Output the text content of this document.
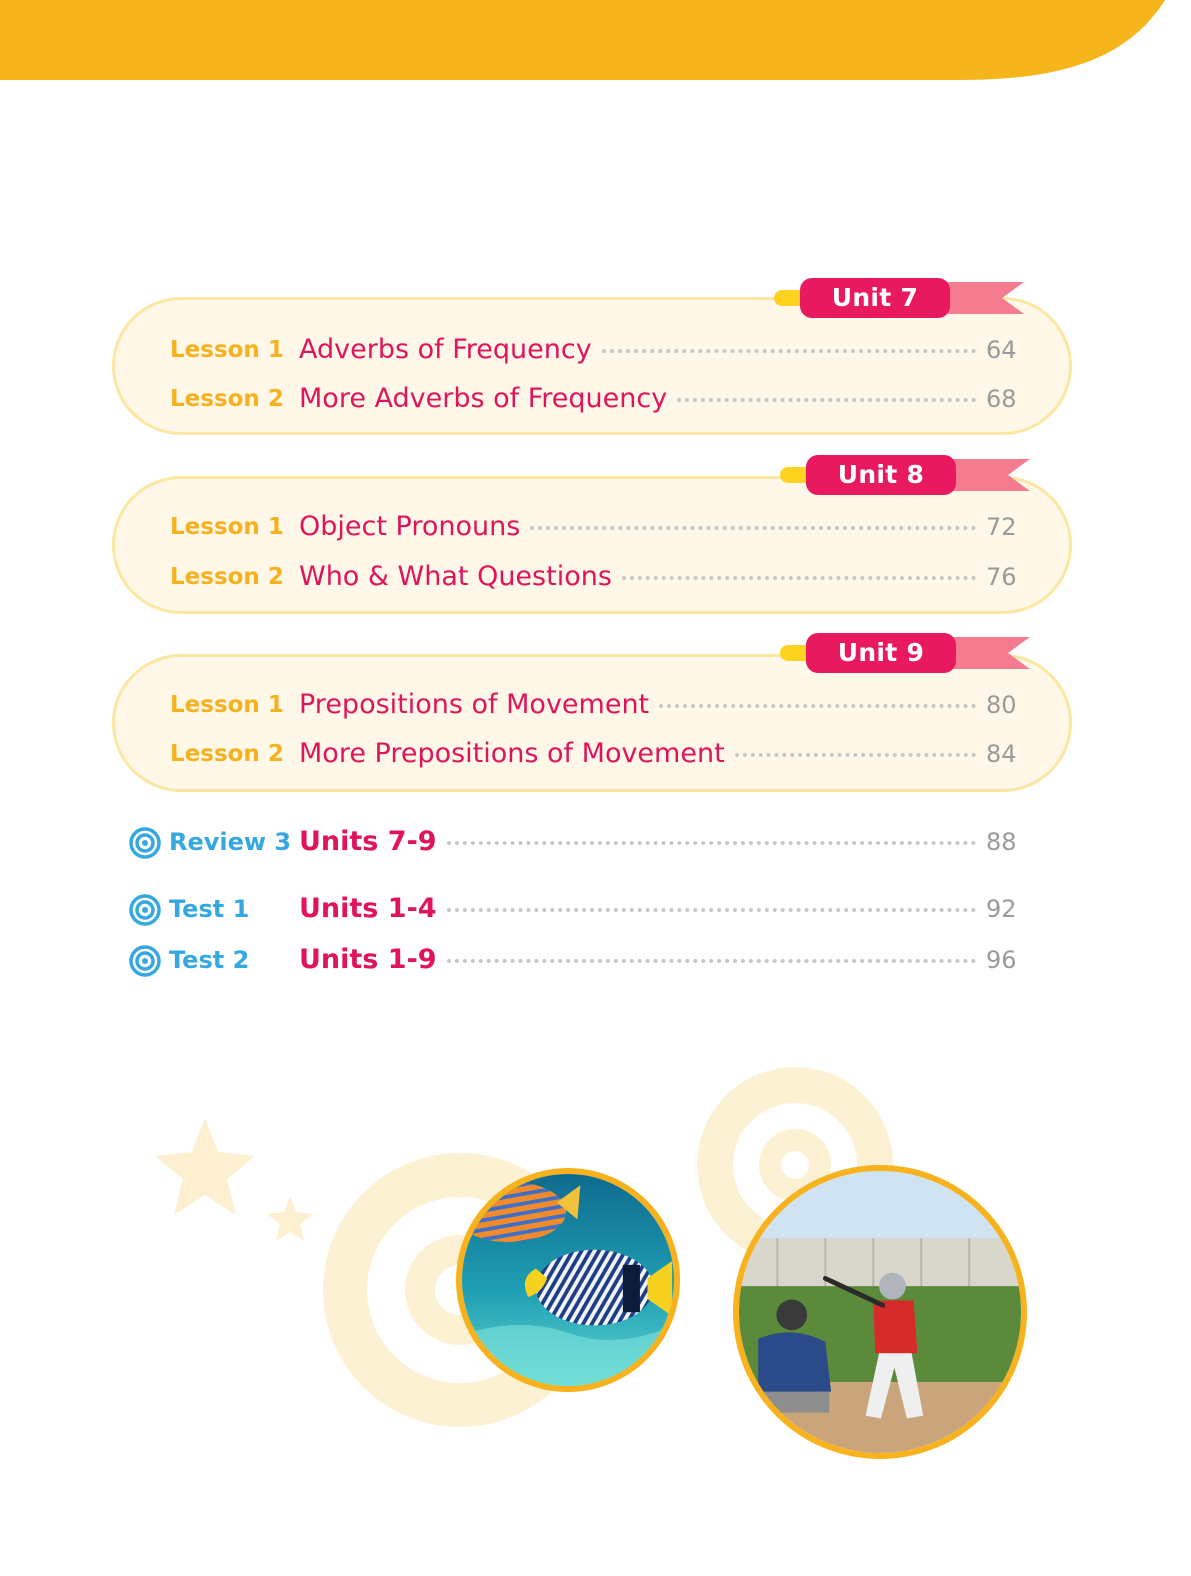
Unit 7
Lesson 1 Adverbs of Frequency	64
Lesson 2 More Adverbs of Frequency	68
Unit 8
Lesson 1 Object Pronouns	72
Lesson 2 Who & What Questions	76
Unit 9
Lesson 1 Prepositions of Movement	80
Lesson 2 More Prepositions of Movement	84
Review 3 Units 7-9	88
Test 1 Units 1-4	92
Test 2 Units 1-9	96
